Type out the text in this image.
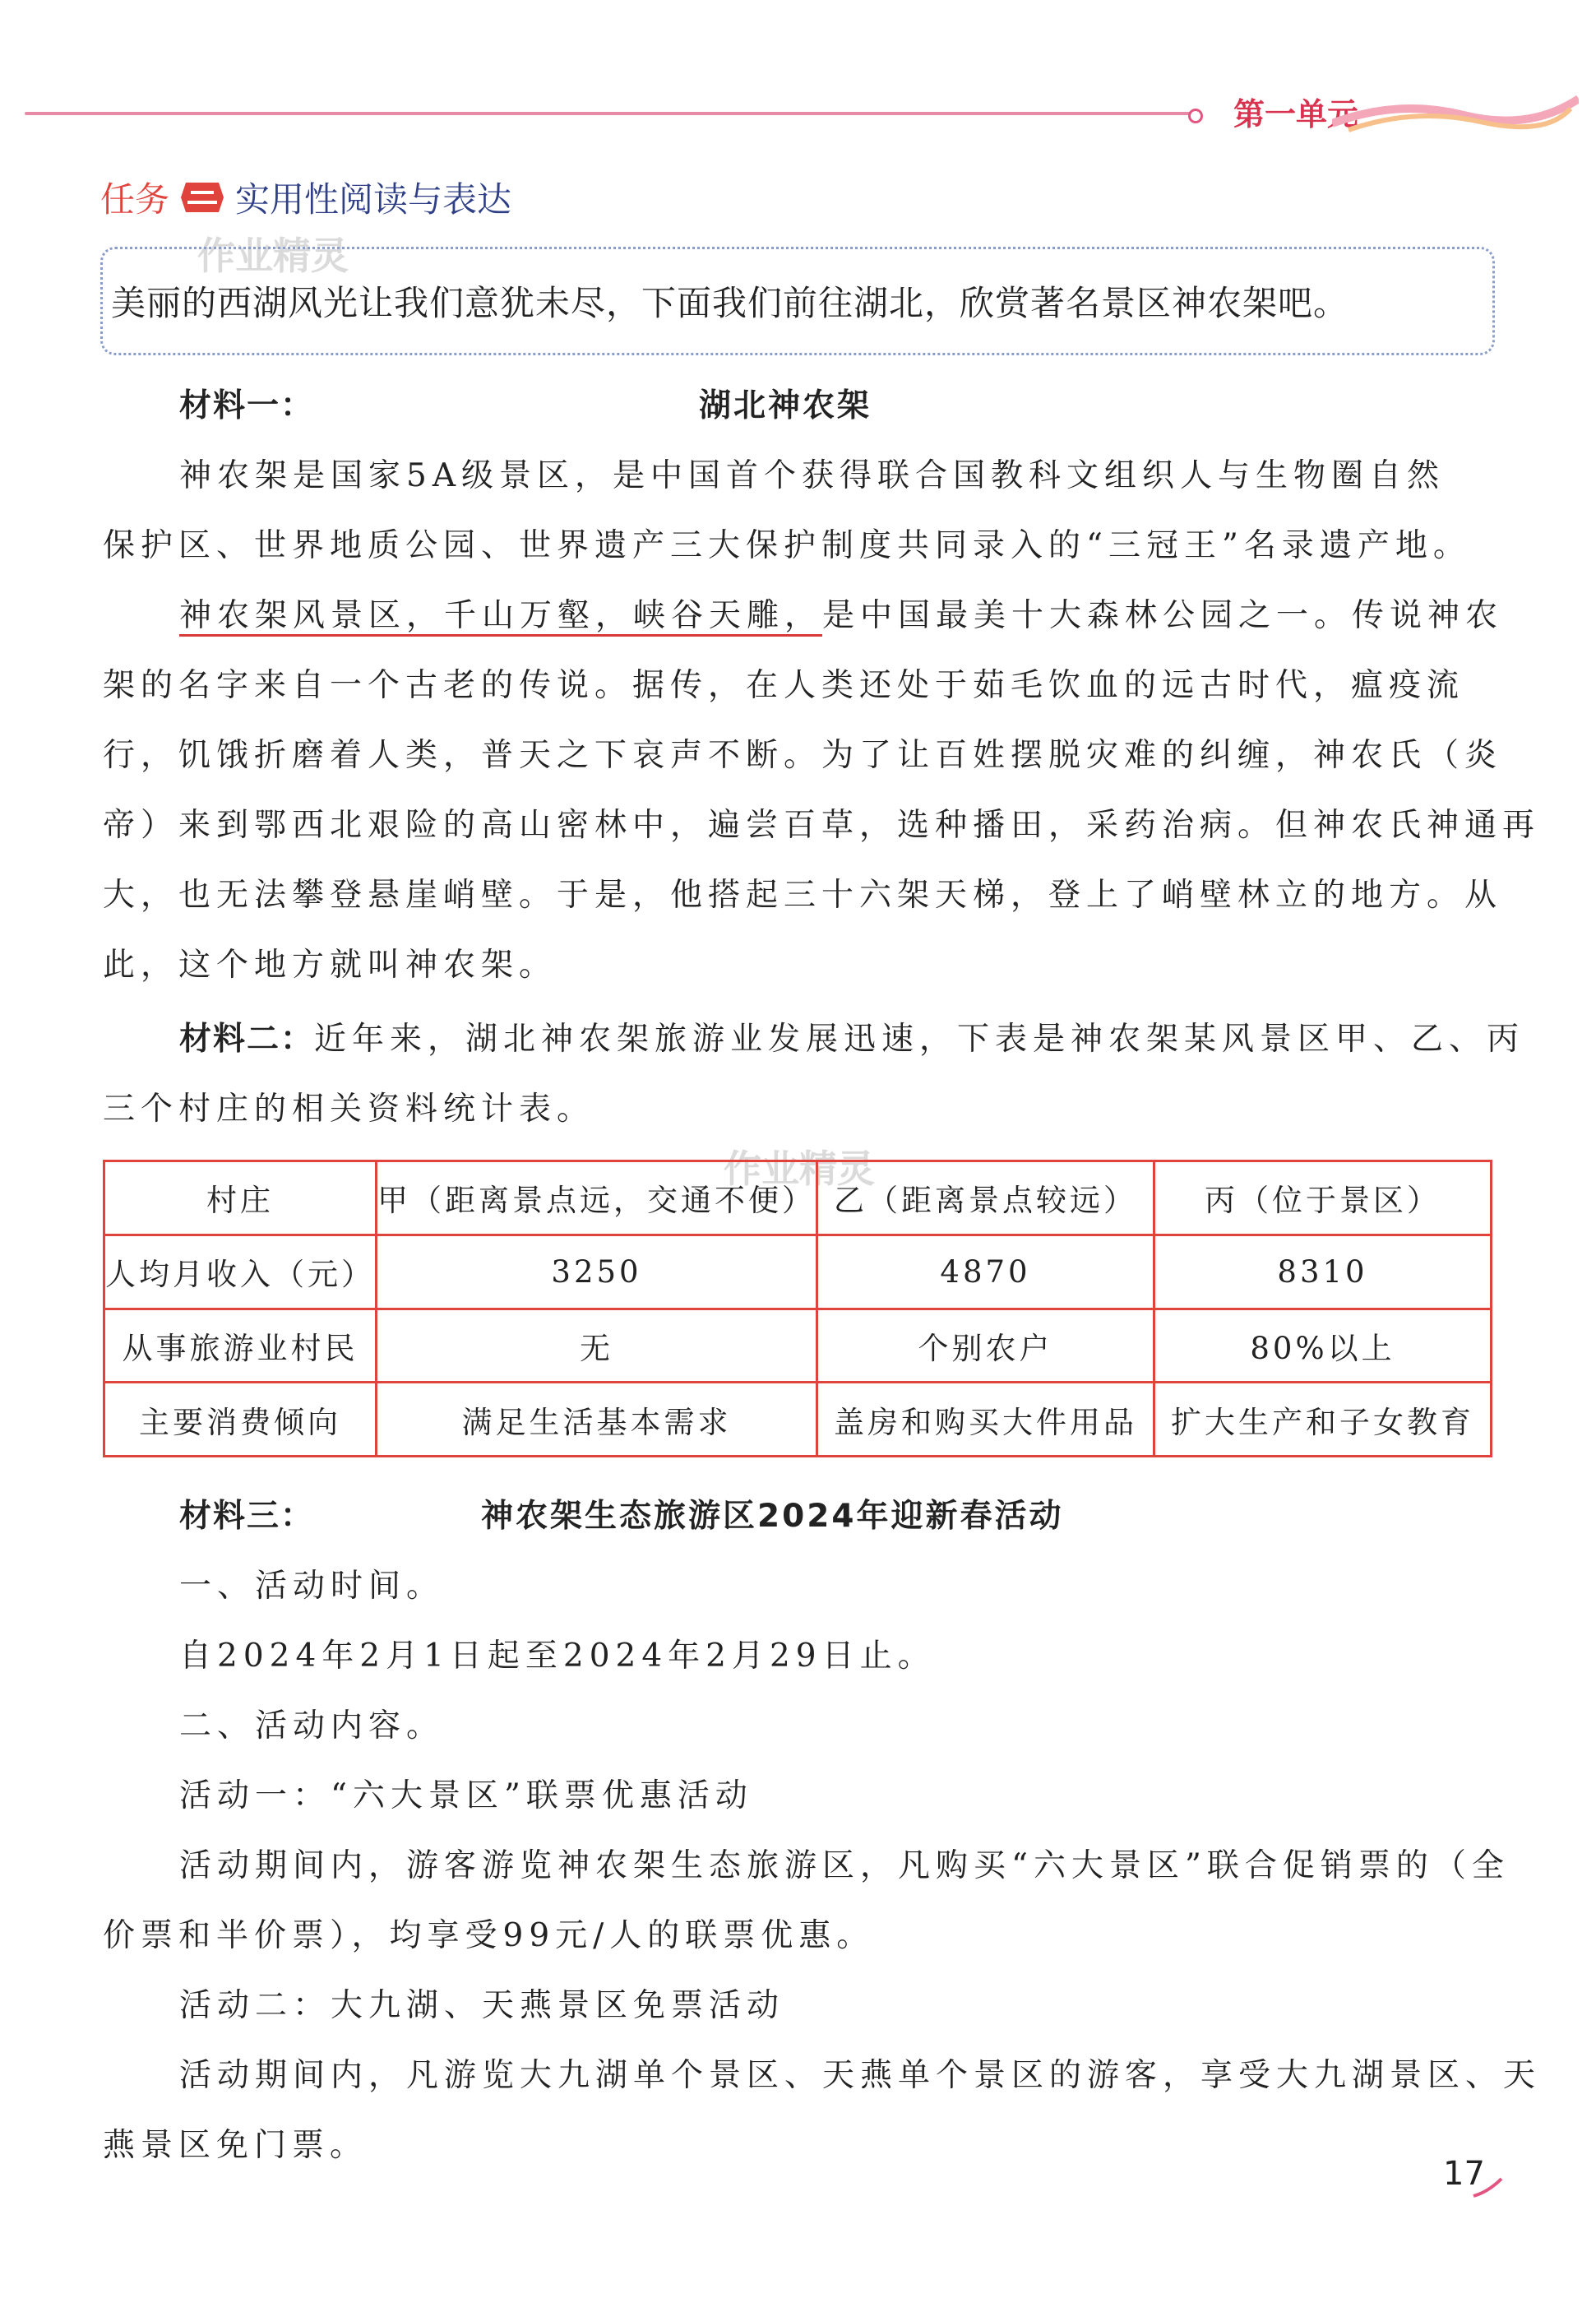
第一单元
任务 实用性阅读与表达
作业精灵
美丽的西湖风光让我们意犹未尽，下面我们前往湖北，欣赏著名景区神农架吧。
材料一：	湖北神农架
神农架是国家5A级景区，是中国首个获得联合国教科文组织人与生物圈自然
保护区、世界地质公园、世界遗产三大保护制度共同录入的“三冠王”名录遗产地。
神农架风景区，千山万壑，峡谷天雕，是中国最美十大森林公园之一。传说神农
架的名字来自一个古老的传说。据传，在人类还处于茹毛饮血的远古时代，瘟疫流
行，饥饿折磨着人类，普天之下哀声不断。为了让百姓摆脱灾难的纠缠，神农氏（炎
帝）来到鄂西北艰险的高山密林中，遍尝百草，选种播田，采药治病。但神农氏神通再
大，也无法攀登悬崖峭壁。于是，他搭起三十六架天梯，登上了峭壁林立的地方。从
此，这个地方就叫神农架。
材料二：近年来，湖北神农架旅游业发展迅速，下表是神农架某风景区甲、乙、丙
三个村庄的相关资料统计表。
作业精灵
村庄	甲（距离景点远，交通不便）	乙（距离景点较远）	丙（位于景区）
人均月收入（元）	3250	4870	8310
从事旅游业村民	无	个别农户	80%以上
主要消费倾向	满足生活基本需求	盖房和购买大件用品	扩大生产和子女教育
材料三：	神农架生态旅游区2024年迎新春活动
一、活动时间。
自2024年2月1日起至2024年2月29日止。
二、活动内容。
活动一：“六大景区”联票优惠活动
活动期间内，游客游览神农架生态旅游区，凡购买“六大景区”联合促销票的（全
价票和半价票），均享受99元/人的联票优惠。
活动二：大九湖、天燕景区免票活动
活动期间内，凡游览大九湖单个景区、天燕单个景区的游客，享受大九湖景区、天
燕景区免门票。
17
